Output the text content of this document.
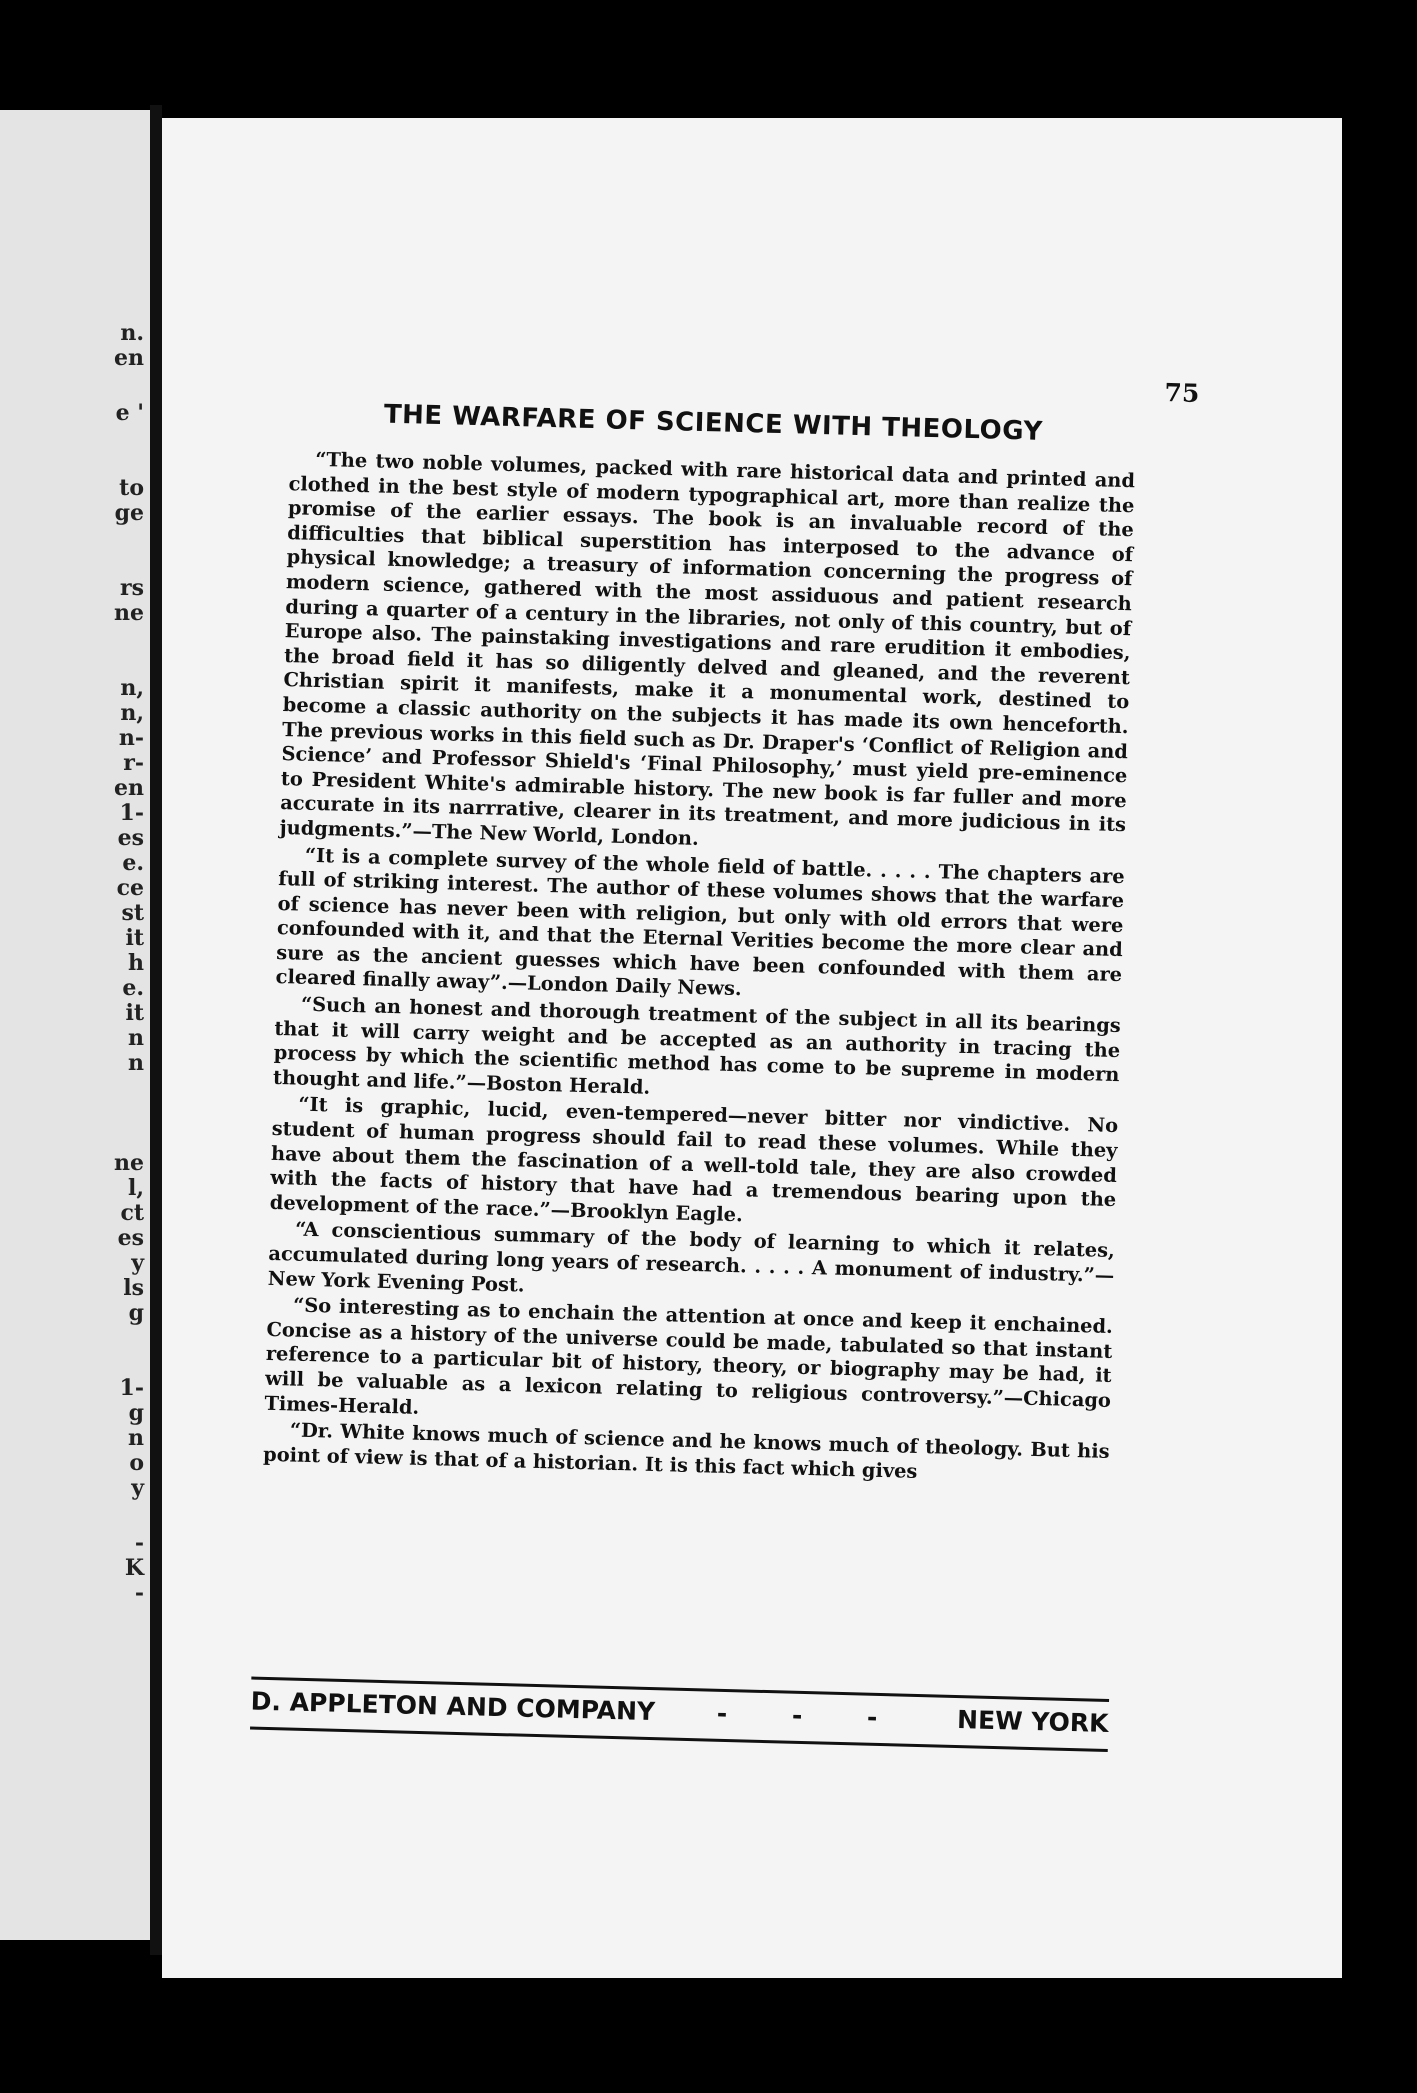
n.
en
e '
to
ge
rs
ne
n,
n,
n-
r-
en
1-
es
e.
ce
st
it
h
e.
it
n
n
ne
l,
ct
es
y
ls
g
1-
g
n
o
y
-
K
-
75
THE WARFARE OF SCIENCE WITH THEOLOGY

“The two noble volumes, packed with rare historical data and printed and clothed in the best style of modern typographical art, more than realize the promise of the earlier essays. The book is an invaluable record of the difficulties that biblical superstition has interposed to the advance of physical knowledge; a treasury of information concerning the progress of modern science, gathered with the most assiduous and patient research during a quarter of a century in the libraries, not only of this country, but of Europe also. The painstaking investigations and rare erudition it embodies, the broad field it has so diligently delved and gleaned, and the reverent Christian spirit it manifests, make it a monumental work, destined to become a classic authority on the subjects it has made its own henceforth. The previous works in this field such as Dr. Draper's ‘Conflict of Religion and Science’ and Professor Shield's ‘Final Philosophy,’ must yield pre-eminence to President White's admirable history. The new book is far fuller and more accurate in its narrrative, clearer in its treatment, and more judicious in its judgments.”—The New World, London.

“It is a complete survey of the whole field of battle. . . . . The chapters are full of striking interest. The author of these volumes shows that the warfare of science has never been with religion, but only with old errors that were confounded with it, and that the Eternal Verities become the more clear and sure as the ancient guesses which have been confounded with them are cleared finally away”.—London Daily News.

“Such an honest and thorough treatment of the subject in all its bearings that it will carry weight and be accepted as an authority in tracing the process by which the scientific method has come to be supreme in modern thought and life.”—Boston Herald.

“It is graphic, lucid, even-tempered—never bitter nor vindictive. No student of human progress should fail to read these volumes. While they have about them the fascination of a well-told tale, they are also crowded with the facts of history that have had a tremendous bearing upon the development of the race.”—Brooklyn Eagle.

“A conscientious summary of the body of learning to which it relates, accumulated during long years of research. . . . . A monument of industry.”—New York Evening Post.

“So interesting as to enchain the attention at once and keep it enchained. Concise as a history of the universe could be made, tabulated so that instant reference to a particular bit of history, theory, or biography may be had, it will be valuable as a lexicon relating to religious controversy.”—Chicago Times-Herald.

“Dr. White knows much of science and he knows much of theology. But his point of view is that of a historian. It is this fact which gives

D. APPLETON AND COMPANY	- - - NEW YORK
